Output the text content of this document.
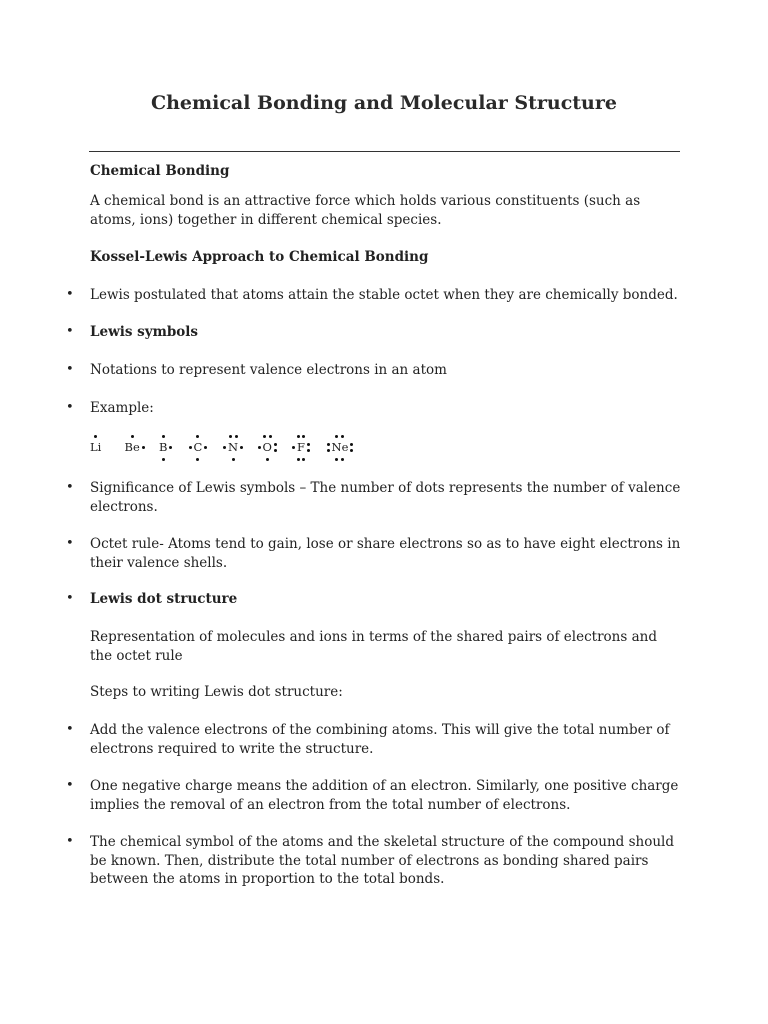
Chemical Bonding and Molecular Structure
Chemical Bonding
A chemical bond is an attractive force which holds various constituents (such as atoms, ions) together in different chemical species.
Kossel-Lewis Approach to Chemical Bonding
• Lewis postulated that atoms attain the stable octet when they are chemically bonded.
• Lewis symbols
• Notations to represent valence electrons in an atom
• Example:
Li Be B C N O F Ne
• Significance of Lewis symbols – The number of dots represents the number of valence electrons.
• Octet rule- Atoms tend to gain, lose or share electrons so as to have eight electrons in their valence shells.
• Lewis dot structure
Representation of molecules and ions in terms of the shared pairs of electrons and the octet rule
Steps to writing Lewis dot structure:
• Add the valence electrons of the combining atoms. This will give the total number of electrons required to write the structure.
• One negative charge means the addition of an electron. Similarly, one positive charge implies the removal of an electron from the total number of electrons.
• The chemical symbol of the atoms and the skeletal structure of the compound should be known. Then, distribute the total number of electrons as bonding shared pairs between the atoms in proportion to the total bonds.
